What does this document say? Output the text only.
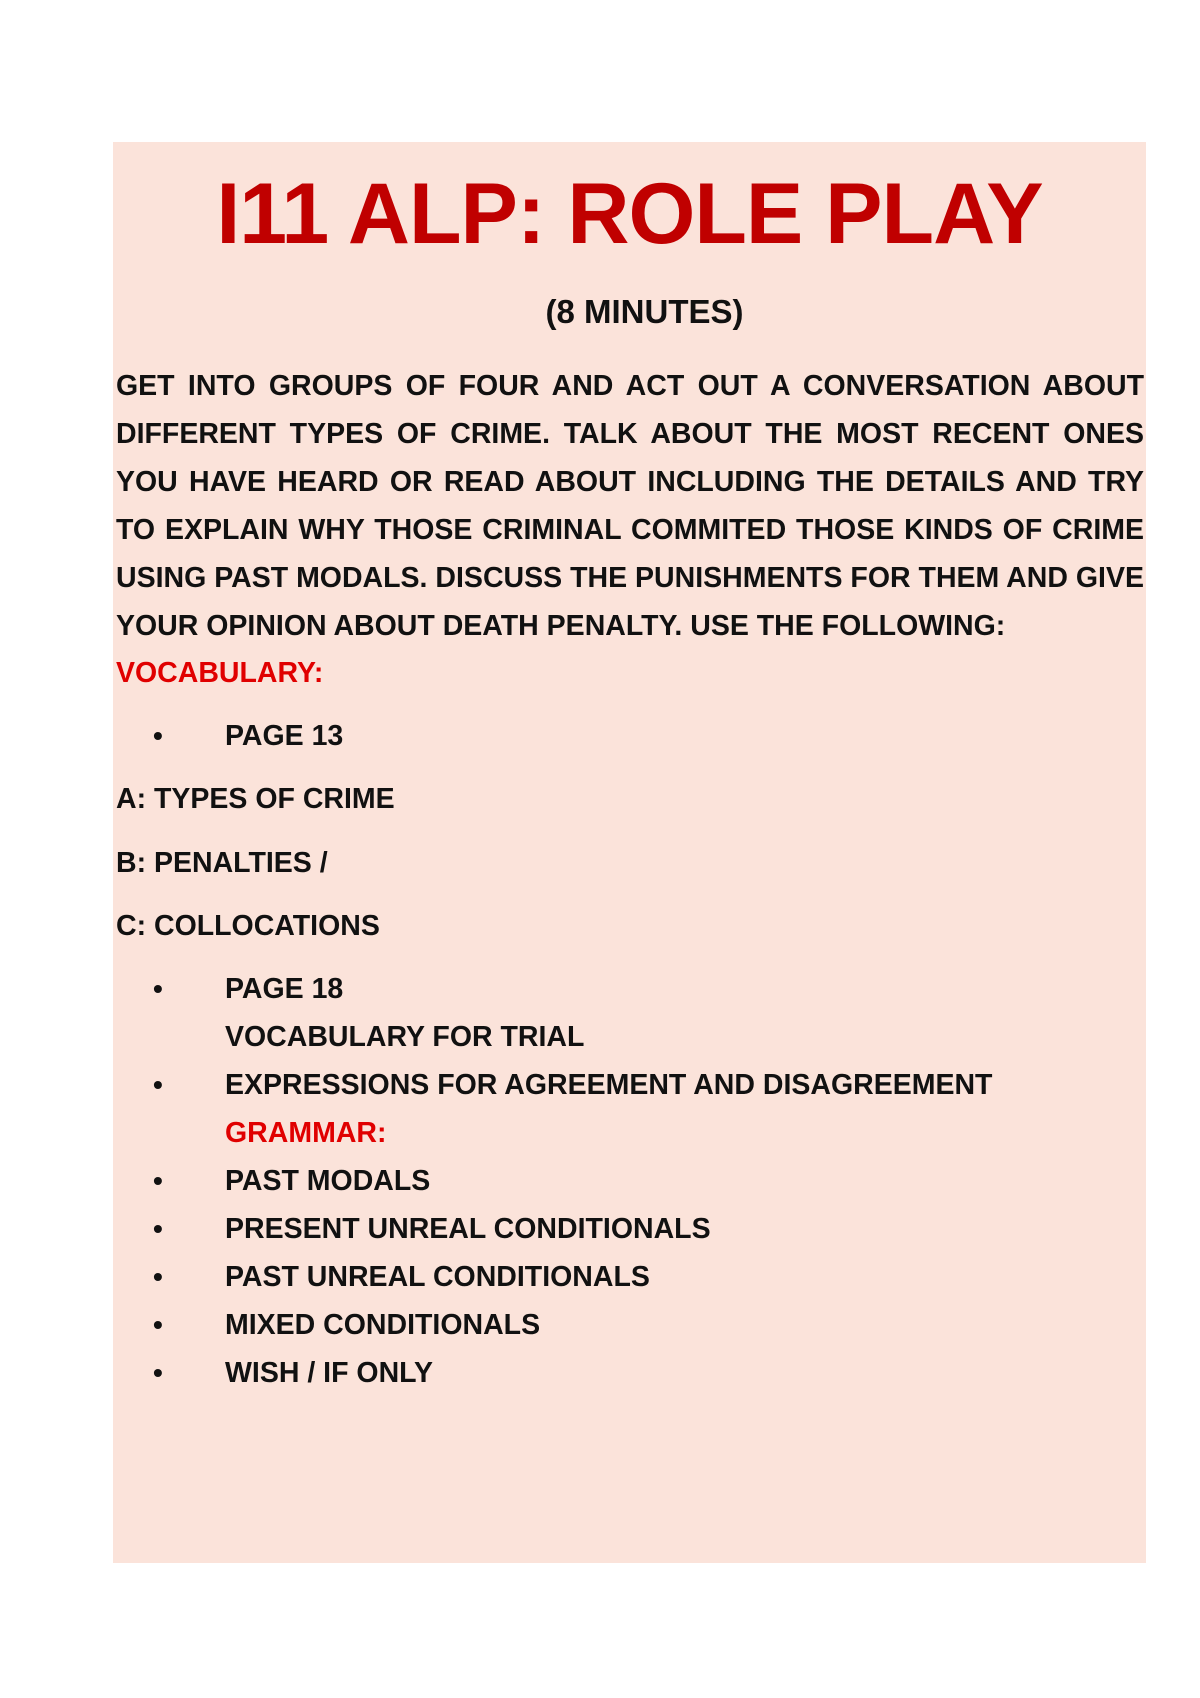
I11 ALP: ROLE PLAY
(8 MINUTES)

GET INTO GROUPS OF FOUR AND ACT OUT A CONVERSATION ABOUT DIFFERENT TYPES OF CRIME. TALK ABOUT THE MOST RECENT ONES YOU HAVE HEARD OR READ ABOUT INCLUDING THE DETAILS AND TRY TO EXPLAIN WHY THOSE CRIMINAL COMMITED THOSE KINDS OF CRIME USING PAST MODALS. DISCUSS THE PUNISHMENTS FOR THEM AND GIVE YOUR OPINION ABOUT DEATH PENALTY. USE THE FOLLOWING:

VOCABULARY:
• PAGE 13
A: TYPES OF CRIME
B: PENALTIES /
C: COLLOCATIONS
• PAGE 18
VOCABULARY FOR TRIAL
• EXPRESSIONS FOR AGREEMENT AND DISAGREEMENT
GRAMMAR:
• PAST MODALS
• PRESENT UNREAL CONDITIONALS
• PAST UNREAL CONDITIONALS
• MIXED CONDITIONALS
• WISH / IF ONLY
